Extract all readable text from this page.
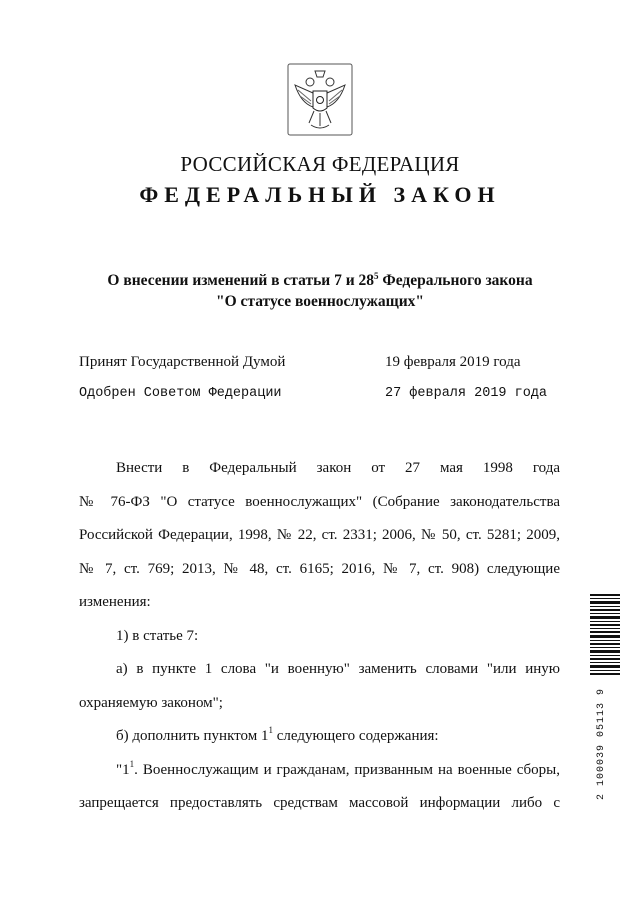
РОССИЙСКАЯ ФЕДЕРАЦИЯ
ФЕДЕРАЛЬНЫЙ ЗАКОН
О внесении изменений в статьи 7 и $28^5$ Федерального закона
"О статусе военнослужащих"
Принят Государственной Думой	19 февраля 2019 года
Одобрен Советом Федерации	27 февраля 2019 года
Внести в Федеральный закон от 27 мая 1998 года
№ 76-ФЗ "О статусе военнослужащих" (Собрание законодательства
Российской Федерации, 1998, № 22, ст. 2331; 2006, № 50, ст. 5281; 2009,
№ 7, ст. 769; 2013, № 48, ст. 6165; 2016, № 7, ст. 908) следующие
изменения:
1) в статье 7:
а) в пункте 1 слова "и военную" заменить словами "или иную
охраняемую законом";
б) дополнить пунктом $1^1$ следующего содержания:
"$1^1$. Военнослужащим и гражданам, призванным на военные сборы,
запрещается предоставлять средствам массовой информации либо с
2 100039 05113 9
